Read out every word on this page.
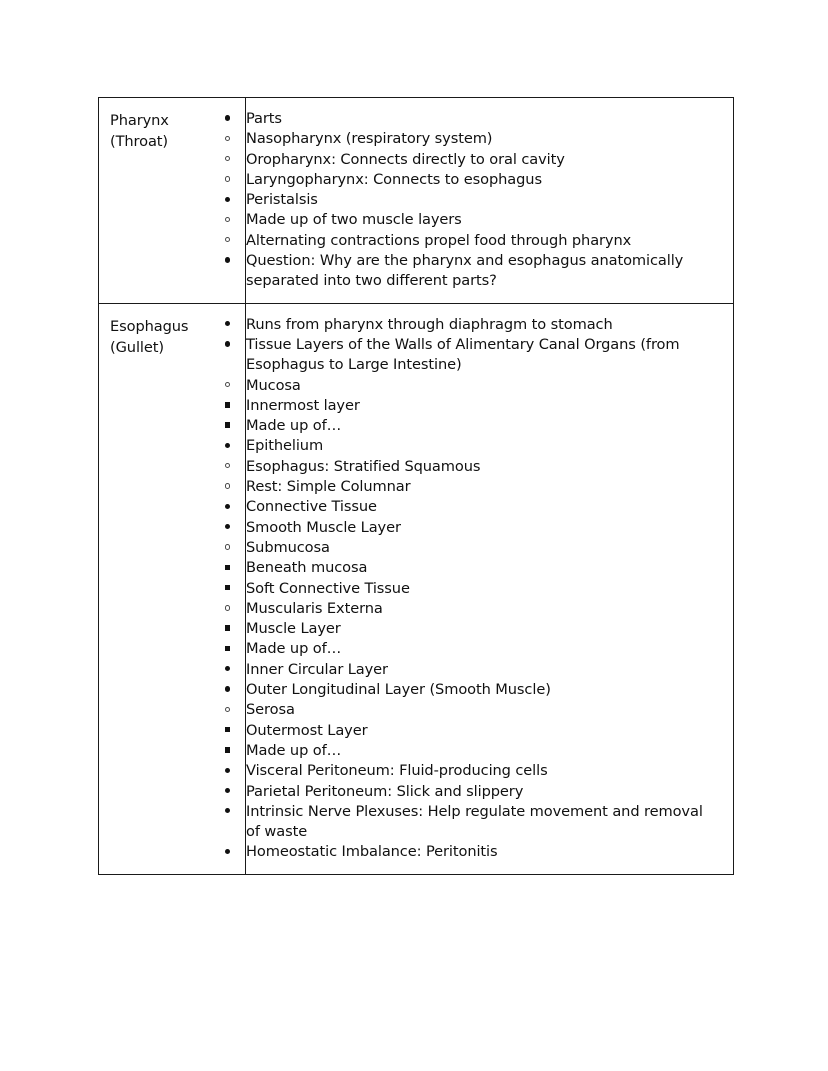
Pharynx
(Throat)

Parts
Nasopharynx (respiratory system)
Oropharynx: Connects directly to oral cavity
Laryngopharynx: Connects to esophagus
Peristalsis
Made up of two muscle layers
Alternating contractions propel food through pharynx
Question: Why are the pharynx and esophagus anatomically separated into two different parts?

Esophagus
(Gullet)

Runs from pharynx through diaphragm to stomach
Tissue Layers of the Walls of Alimentary Canal Organs (from Esophagus to Large Intestine)
Mucosa
Innermost layer
Made up of…
Epithelium
Esophagus: Stratified Squamous
Rest: Simple Columnar
Connective Tissue
Smooth Muscle Layer
Submucosa
Beneath mucosa
Soft Connective Tissue
Muscularis Externa
Muscle Layer
Made up of…
Inner Circular Layer
Outer Longitudinal Layer (Smooth Muscle)
Serosa
Outermost Layer
Made up of…
Visceral Peritoneum: Fluid-producing cells
Parietal Peritoneum: Slick and slippery
Intrinsic Nerve Plexuses: Help regulate movement and removal of waste
Homeostatic Imbalance: Peritonitis
